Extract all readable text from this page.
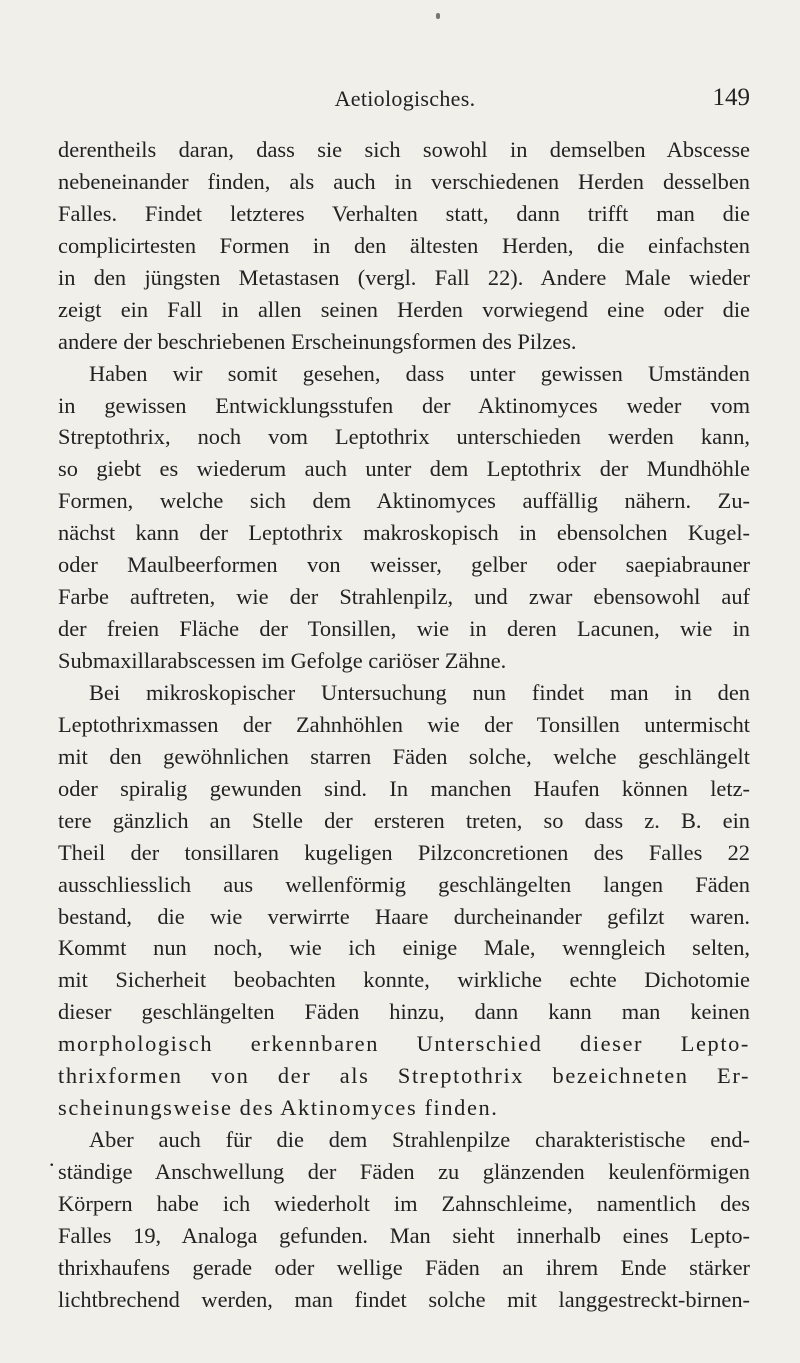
Aetiologisches.	149
.
derentheils daran, dass sie sich sowohl in demselben Abscesse
nebeneinander finden, als auch in verschiedenen Herden desselben
Falles. Findet letzteres Verhalten statt, dann trifft man die
complicirtesten Formen in den ältesten Herden, die einfachsten
in den jüngsten Metastasen (vergl. Fall 22). Andere Male wieder
zeigt ein Fall in allen seinen Herden vorwiegend eine oder die
andere der beschriebenen Erscheinungsformen des Pilzes.
Haben wir somit gesehen, dass unter gewissen Umständen
in gewissen Entwicklungsstufen der Aktinomyces weder vom
Streptothrix, noch vom Leptothrix unterschieden werden kann,
so giebt es wiederum auch unter dem Leptothrix der Mundhöhle
Formen, welche sich dem Aktinomyces auffällig nähern. Zu-
nächst kann der Leptothrix makroskopisch in ebensolchen Kugel-
oder Maulbeerformen von weisser, gelber oder saepiabrauner
Farbe auftreten, wie der Strahlenpilz, und zwar ebensowohl auf
der freien Fläche der Tonsillen, wie in deren Lacunen, wie in
Submaxillarabscessen im Gefolge cariöser Zähne.
Bei mikroskopischer Untersuchung nun findet man in den
Leptothrixmassen der Zahnhöhlen wie der Tonsillen untermischt
mit den gewöhnlichen starren Fäden solche, welche geschlängelt
oder spiralig gewunden sind. In manchen Haufen können letz-
tere gänzlich an Stelle der ersteren treten, so dass z. B. ein
Theil der tonsillaren kugeligen Pilzconcretionen des Falles 22
ausschliesslich aus wellenförmig geschlängelten langen Fäden
bestand, die wie verwirrte Haare durcheinander gefilzt waren.
Kommt nun noch, wie ich einige Male, wenngleich selten,
mit Sicherheit beobachten konnte, wirkliche echte Dichotomie
dieser geschlängelten Fäden hinzu, dann kann man keinen
morphologisch erkennbaren Unterschied dieser Lepto-
thrixformen von der als Streptothrix bezeichneten Er-
scheinungsweise des Aktinomyces finden.
Aber auch für die dem Strahlenpilze charakteristische end-
ständige Anschwellung der Fäden zu glänzenden keulenförmigen
Körpern habe ich wiederholt im Zahnschleime, namentlich des
Falles 19, Analoga gefunden. Man sieht innerhalb eines Lepto-
thrixhaufens gerade oder wellige Fäden an ihrem Ende stärker
lichtbrechend werden, man findet solche mit langgestreckt-birnen-
